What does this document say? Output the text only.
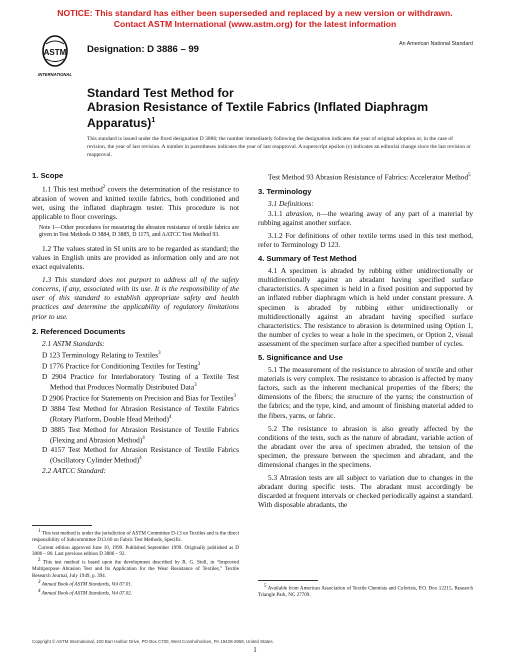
NOTICE: This standard has either been superseded and replaced by a new version or withdrawn.
Contact ASTM International (www.astm.org) for the latest information
ASTM
INTERNATIONAL
Designation: D 3886 – 99	An American National Standard
Standard Test Method for
Abrasion Resistance of Textile Fabrics (Inflated Diaphragm
Apparatus)$^1$
This standard is issued under the fixed designation D 3886; the number immediately following the designation indicates the year of original adoption or, in the case of revision, the year of last revision. A number in parentheses indicates the year of last reapproval. A superscript epsilon (ε) indicates an editorial change since the last revision or reapproval.
1. Scope

1.1 This test method$^2$ covers the determination of the resistance to abrasion of woven and knitted textile fabrics, both conditioned and wet, using the inflated diaphragm tester. This procedure is not applicable to floor coverings.

Note 1—Other procedures for measuring the abrasion resistance of textile fabrics are given in Test Methods D 3884, D 3885, D 1175, and AATCC Test Method 93.

1.2 The values stated in SI units are to be regarded as standard; the values in English units are provided as information only and are not exact equivalents.

1.3 This standard does not purport to address all of the safety concerns, if any, associated with its use. It is the responsibility of the user of this standard to establish appropriate safety and health practices and determine the applicability of regulatory limitations prior to use.

2. Referenced Documents

2.1 ASTM Standards:

D 123 Terminology Relating to Textiles$^3$

D 1776 Practice for Conditioning Textiles for Testing$^3$

D 2904 Practice for Interlaboratory Testing of a Textile Test Method that Produces Normally Distributed Data$^3$

D 2906 Practice for Statements on Precision and Bias for Textiles$^3$

D 3884 Test Method for Abrasion Resistance of Textile Fabrics (Rotary Platform, Double Head Method)$^4$

D 3885 Test Method for Abrasion Resistance of Textile Fabrics (Flexing and Abrasion Method)$^4$

D 4157 Test Method for Abrasion Resistance of Textile Fabrics (Oscillatory Cylinder Method)$^4$

2.2 AATCC Standard:

$^1$ This test method is under the jurisdiction of ASTM Committee D-13 on Textiles and is the direct responsibility of Subcommittee D13.60 on Fabric Test Methods, Specific.

Current edition approved June 10, 1999. Published September 1999. Originally published as D 3886 – 80. Last previous edition D 3886 – 92.

$^2$ This test method is based upon the development described by R. G. Stoll, in “Improved Multipurpose Abrasion Test and Its Application for the Wear Resistance of Textiles,” Textile Research Journal, July 1949, p. 394.

$^3$ Annual Book of ASTM Standards, Vol 07.01.

$^4$ Annual Book of ASTM Standards, Vol 07.02.

Test Method 93 Abrasion Resistance of Fabrics: Accelerator Method$^5$

3. Terminology

3.1 Definitions:

3.1.1 abrasion, n—the wearing away of any part of a material by rubbing against another surface.

3.1.2 For definitions of other textile terms used in this test method, refer to Terminology D 123.

4. Summary of Test Method

4.1 A specimen is abraded by rubbing either unidirectionally or multidirectionally against an abradant having specified surface characteristics. A specimen is held in a fixed position and supported by an inflated rubber diaphragm which is held under constant pressure. A specimen is abraded by rubbing either unidirectionally or multidirectionally against an abradant having specified surface characteristics. The resistance to abrasion is determined using Option 1, the number of cycles to wear a hole in the specimen, or Option 2, visual assessment of the specimen surface after a specified number of cycles.

5. Significance and Use

5.1 The measurement of the resistance to abrasion of textile and other materials is very complex. The resistance to abrasion is affected by many factors, such as the inherent mechanical properties of the fibers; the dimensions of the fibers; the structure of the yarns; the construction of the fabrics; and the type, kind, and amount of finishing material added to the fibers, yarns, or fabric.

5.2 The resistance to abrasion is also greatly affected by the conditions of the tests, such as the nature of abradant, variable action of the abradant over the area of specimen abraded, the tension of the specimen, the pressure between the specimen and abradant, and the dimensional changes in the specimens.

5.3 Abrasion tests are all subject to variation due to changes in the abradant during specific tests. The abradant must accordingly be discarded at frequent intervals or checked periodically against a standard. With disposable abradants, the

$^5$ Available from American Association of Textile Chemists and Colorists, P.O. Box 12215, Research Triangle Park, NC 27709.

Copyright © ASTM International, 100 Barr Harbor Drive, PO Box C700, West Conshohocken, PA 19428-2959, United States.
1
